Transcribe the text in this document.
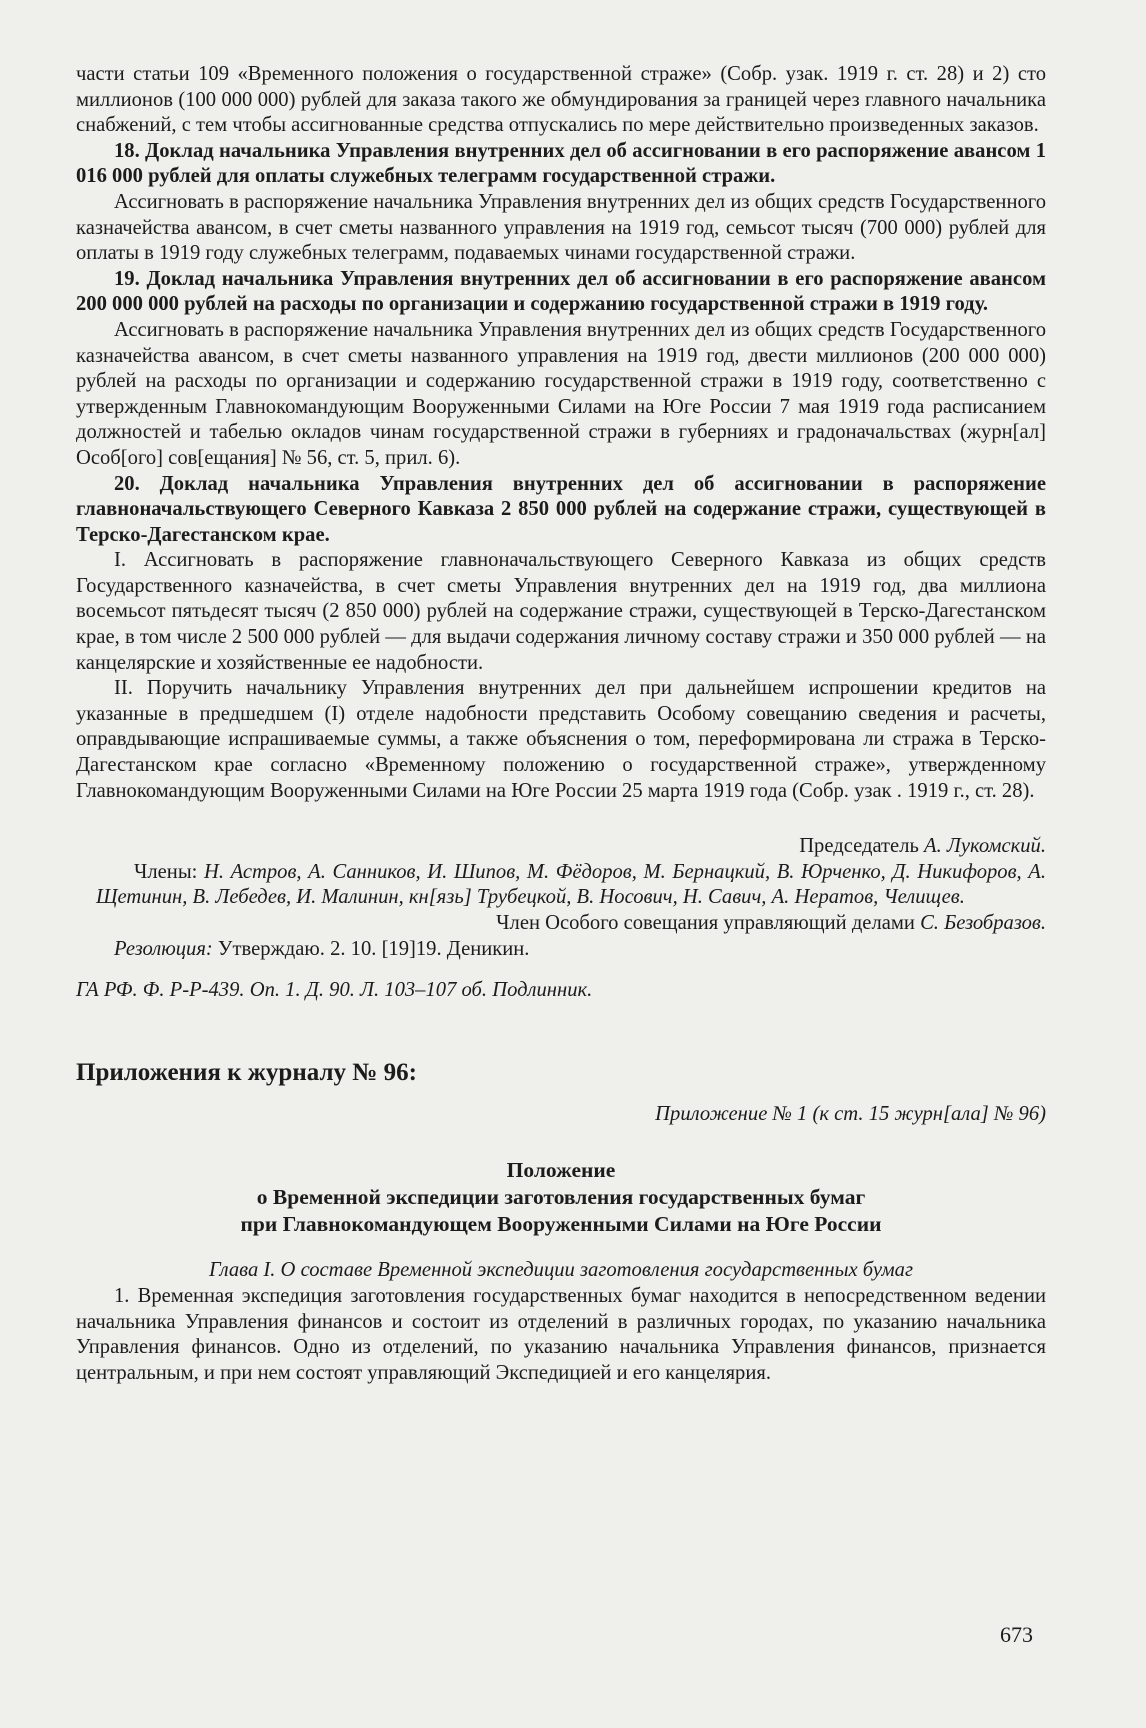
части статьи 109 «Временного положения о государственной страже» (Собр. узак. 1919 г. ст. 28) и 2) сто миллионов (100 000 000) рублей для заказа такого же обмундирования за границей через главного начальника снабжений, с тем чтобы ассигнованные средства отпускались по мере действительно произведенных заказов.

18. Доклад начальника Управления внутренних дел об ассигновании в его распоряжение авансом 1 016 000 рублей для оплаты служебных телеграмм государственной стражи.

Ассигновать в распоряжение начальника Управления внутренних дел из общих средств Государственного казначейства авансом, в счет сметы названного управления на 1919 год, семьсот тысяч (700 000) рублей для оплаты в 1919 году служебных телеграмм, подаваемых чинами государственной стражи.

19. Доклад начальника Управления внутренних дел об ассигновании в его распоряжение авансом 200 000 000 рублей на расходы по организации и содержанию государственной стражи в 1919 году.

Ассигновать в распоряжение начальника Управления внутренних дел из общих средств Государственного казначейства авансом, в счет сметы названного управления на 1919 год, двести миллионов (200 000 000) рублей на расходы по организации и содержанию государственной стражи в 1919 году, соответственно с утвержденным Главнокомандующим Вооруженными Силами на Юге России 7 мая 1919 года расписанием должностей и табелью окладов чинам государственной стражи в губерниях и градоначальствах (журн[ал] Особ[ого] сов[ещания] № 56, ст. 5, прил. 6).

20. Доклад начальника Управления внутренних дел об ассигновании в распоряжение главноначальствующего Северного Кавказа 2 850 000 рублей на содержание стражи, существующей в Терско-Дагестанском крае.

I. Ассигновать в распоряжение главноначальствующего Северного Кавказа из общих средств Государственного казначейства, в счет сметы Управления внутренних дел на 1919 год, два миллиона восемьсот пятьдесят тысяч (2 850 000) рублей на содержание стражи, существующей в Терско-Дагестанском крае, в том числе 2 500 000 рублей — для выдачи содержания личному составу стражи и 350 000 рублей — на канцелярские и хозяйственные ее надобности.

II. Поручить начальнику Управления внутренних дел при дальнейшем испрошении кредитов на указанные в предшедшем (I) отделе надобности представить Особому совещанию сведения и расчеты, оправдывающие испрашиваемые суммы, а также объяснения о том, переформирована ли стража в Терско-Дагестанском крае согласно «Временному положению о государственной страже», утвержденному Главнокомандующим Вооруженными Силами на Юге России 25 марта 1919 года (Собр. узак . 1919 г., ст. 28).

Председатель А. Лукомский.

Члены: Н. Астров, А. Санников, И. Шипов, М. Фёдоров, М. Бернацкий, В. Юрченко, Д. Никифоров, А. Щетинин, В. Лебедев, И. Малинин, кн[язь] Трубецкой, В. Носович, Н. Савич, А. Нератов, Челищев.

Член Особого совещания управляющий делами С. Безобразов.

Резолюция: Утверждаю. 2. 10. [19]19. Деникин.

ГА РФ. Ф. Р-Р-439. Оп. 1. Д. 90. Л. 103–107 об. Подлинник.

Приложения к журналу № 96:

Приложение № 1 (к ст. 15 журн[ала] № 96)

Положение
о Временной экспедиции заготовления государственных бумаг
при Главнокомандующем Вооруженными Силами на Юге России

Глава I. О составе Временной экспедиции заготовления государственных бумаг

1. Временная экспедиция заготовления государственных бумаг находится в непосредственном ведении начальника Управления финансов и состоит из отделений в различных городах, по указанию начальника Управления финансов. Одно из отделений, по указанию начальника Управления финансов, признается центральным, и при нем состоят управляющий Экспедицией и его канцелярия.

673
